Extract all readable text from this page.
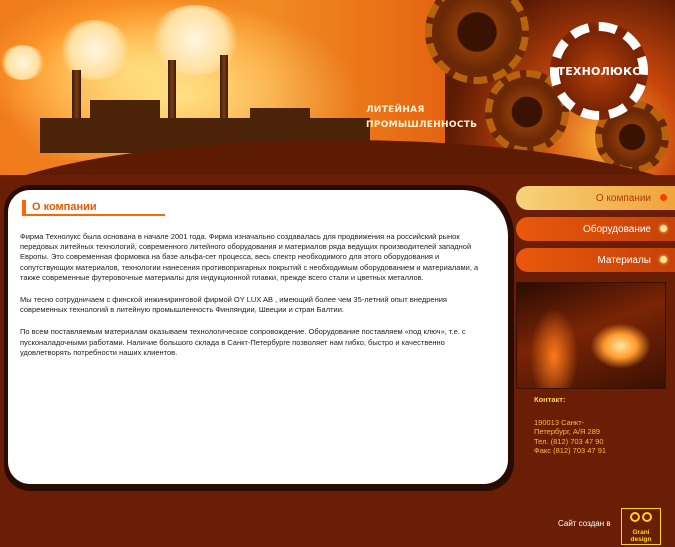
ЛИТЕЙНАЯ
ПРОМЫШЛЕННОСТЬ
ТЕХНОЛЮКС
О компании

Фирма Технолукс была основана в начале 2001 года. Фирма изначально создавалась для продвижения на российский рынок передовых литейных технологий, современного литейного оборудования и материалов ряда ведущих производителей западной Европы. Это современная формовка на базе альфа-сет процесса, весь спектр необходимого для этого оборудования и сопутствующих материалов, технологии нанесения противопригарных покрытий с необходимым оборудованием и материалами, а также современные футеровочные материалы для индукционной плавки, прежде всего стали и цветных металлов.

Мы тесно сотрудничаем с финской инжиниринговой фирмой OY LUX AB , имеющий более чем 35-летний опыт внедрения современных технологий в литейную промышленность Финляндии, Швеции и стран Балтии.

По всем поставляемым материалам оказываем технологическое сопровождение. Оборудование поставляем «под ключ», т.е. с пусконаладочными работами. Наличие большого склада в Санкт-Петербурге позволяет нам гибко, быстро и качественно удовлетворять потребности наших клиентов.

О компании
Оборудование
Материалы
Контакт:
190013 Санкт-
Петербург, А/Я 289
Тел. (812) 703 47 90
Факс (812) 703 47 91
Сайт создан в
Grani
design
